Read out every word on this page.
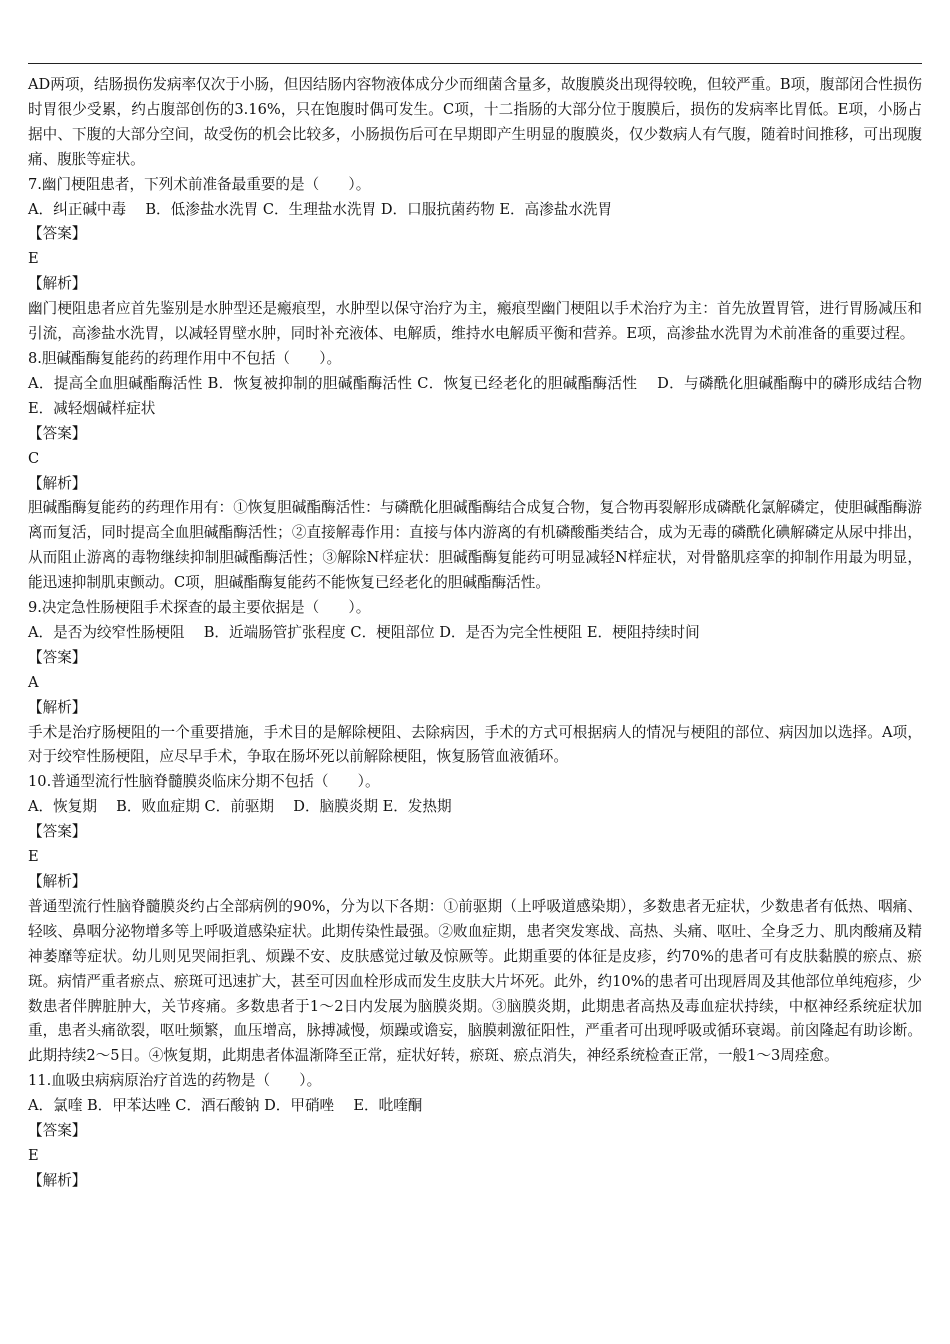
AD两项，结肠损伤发病率仅次于小肠，但因结肠内容物液体成分少而细菌含量多，故腹膜炎出现得较晚，但较严重。B项，腹部闭合性损伤时胃很少受累，约占腹部创伤的3.16%，只在饱腹时偶可发生。C项，十二指肠的大部分位于腹膜后，损伤的发病率比胃低。E项，小肠占据中、下腹的大部分空间，故受伤的机会比较多，小肠损伤后可在早期即产生明显的腹膜炎，仅少数病人有气腹，随着时间推移，可出现腹痛、腹胀等症状。

7.幽门梗阻患者，下列术前准备最重要的是（　　）。

A．纠正碱中毒　 B．低渗盐水洗胃 C．生理盐水洗胃 D．口服抗菌药物 E．高渗盐水洗胃

【答案】

E

【解析】

幽门梗阻患者应首先鉴别是水肿型还是瘢痕型，水肿型以保守治疗为主，瘢痕型幽门梗阻以手术治疗为主：首先放置胃管，进行胃肠减压和引流，高渗盐水洗胃，以减轻胃壁水肿，同时补充液体、电解质，维持水电解质平衡和营养。E项，高渗盐水洗胃为术前准备的重要过程。

8.胆碱酯酶复能药的药理作用中不包括（　　）。

A．提高全血胆碱酯酶活性 B．恢复被抑制的胆碱酯酶活性 C．恢复已经老化的胆碱酯酶活性　 D．与磷酰化胆碱酯酶中的磷形成结合物　E．减轻烟碱样症状

【答案】

C

【解析】

胆碱酯酶复能药的药理作用有：①恢复胆碱酯酶活性：与磷酰化胆碱酯酶结合成复合物，复合物再裂解形成磷酰化氯解磷定，使胆碱酯酶游离而复活，同时提高全血胆碱酯酶活性；②直接解毒作用：直接与体内游离的有机磷酸酯类结合，成为无毒的磷酰化碘解磷定从尿中排出，从而阻止游离的毒物继续抑制胆碱酯酶活性；③解除N样症状：胆碱酯酶复能药可明显减轻N样症状，对骨骼肌痉挛的抑制作用最为明显，能迅速抑制肌束颤动。C项，胆碱酯酶复能药不能恢复已经老化的胆碱酯酶活性。

9.决定急性肠梗阻手术探查的最主要依据是（　　）。

A．是否为绞窄性肠梗阻　 B．近端肠管扩张程度 C．梗阻部位 D．是否为完全性梗阻 E．梗阻持续时间

【答案】

A

【解析】

手术是治疗肠梗阻的一个重要措施，手术目的是解除梗阻、去除病因，手术的方式可根据病人的情况与梗阻的部位、病因加以选择。A项，对于绞窄性肠梗阻，应尽早手术，争取在肠坏死以前解除梗阻，恢复肠管血液循环。

10.普通型流行性脑脊髓膜炎临床分期不包括（　　）。

A．恢复期　 B．败血症期 C．前驱期　 D．脑膜炎期 E．发热期

【答案】

E

【解析】

普通型流行性脑脊髓膜炎约占全部病例的90%，分为以下各期：①前驱期（上呼吸道感染期），多数患者无症状，少数患者有低热、咽痛、轻咳、鼻咽分泌物增多等上呼吸道感染症状。此期传染性最强。②败血症期，患者突发寒战、高热、头痛、呕吐、全身乏力、肌肉酸痛及精神萎靡等症状。幼儿则见哭闹拒乳、烦躁不安、皮肤感觉过敏及惊厥等。此期重要的体征是皮疹，约70%的患者可有皮肤黏膜的瘀点、瘀斑。病情严重者瘀点、瘀斑可迅速扩大，甚至可因血栓形成而发生皮肤大片坏死。此外，约10%的患者可出现唇周及其他部位单纯疱疹，少数患者伴脾脏肿大，关节疼痛。多数患者于1～2日内发展为脑膜炎期。③脑膜炎期，此期患者高热及毒血症状持续，中枢神经系统症状加重，患者头痛欲裂，呕吐频繁，血压增高，脉搏减慢，烦躁或谵妄，脑膜刺激征阳性，严重者可出现呼吸或循环衰竭。前囟隆起有助诊断。此期持续2～5日。④恢复期，此期患者体温渐降至正常，症状好转，瘀斑、瘀点消失，神经系统检查正常，一般1～3周痊愈。

11.血吸虫病病原治疗首选的药物是（　　）。

A．氯喹 B．甲苯达唑 C．酒石酸钠 D．甲硝唑　 E．吡喹酮

【答案】

E

【解析】
